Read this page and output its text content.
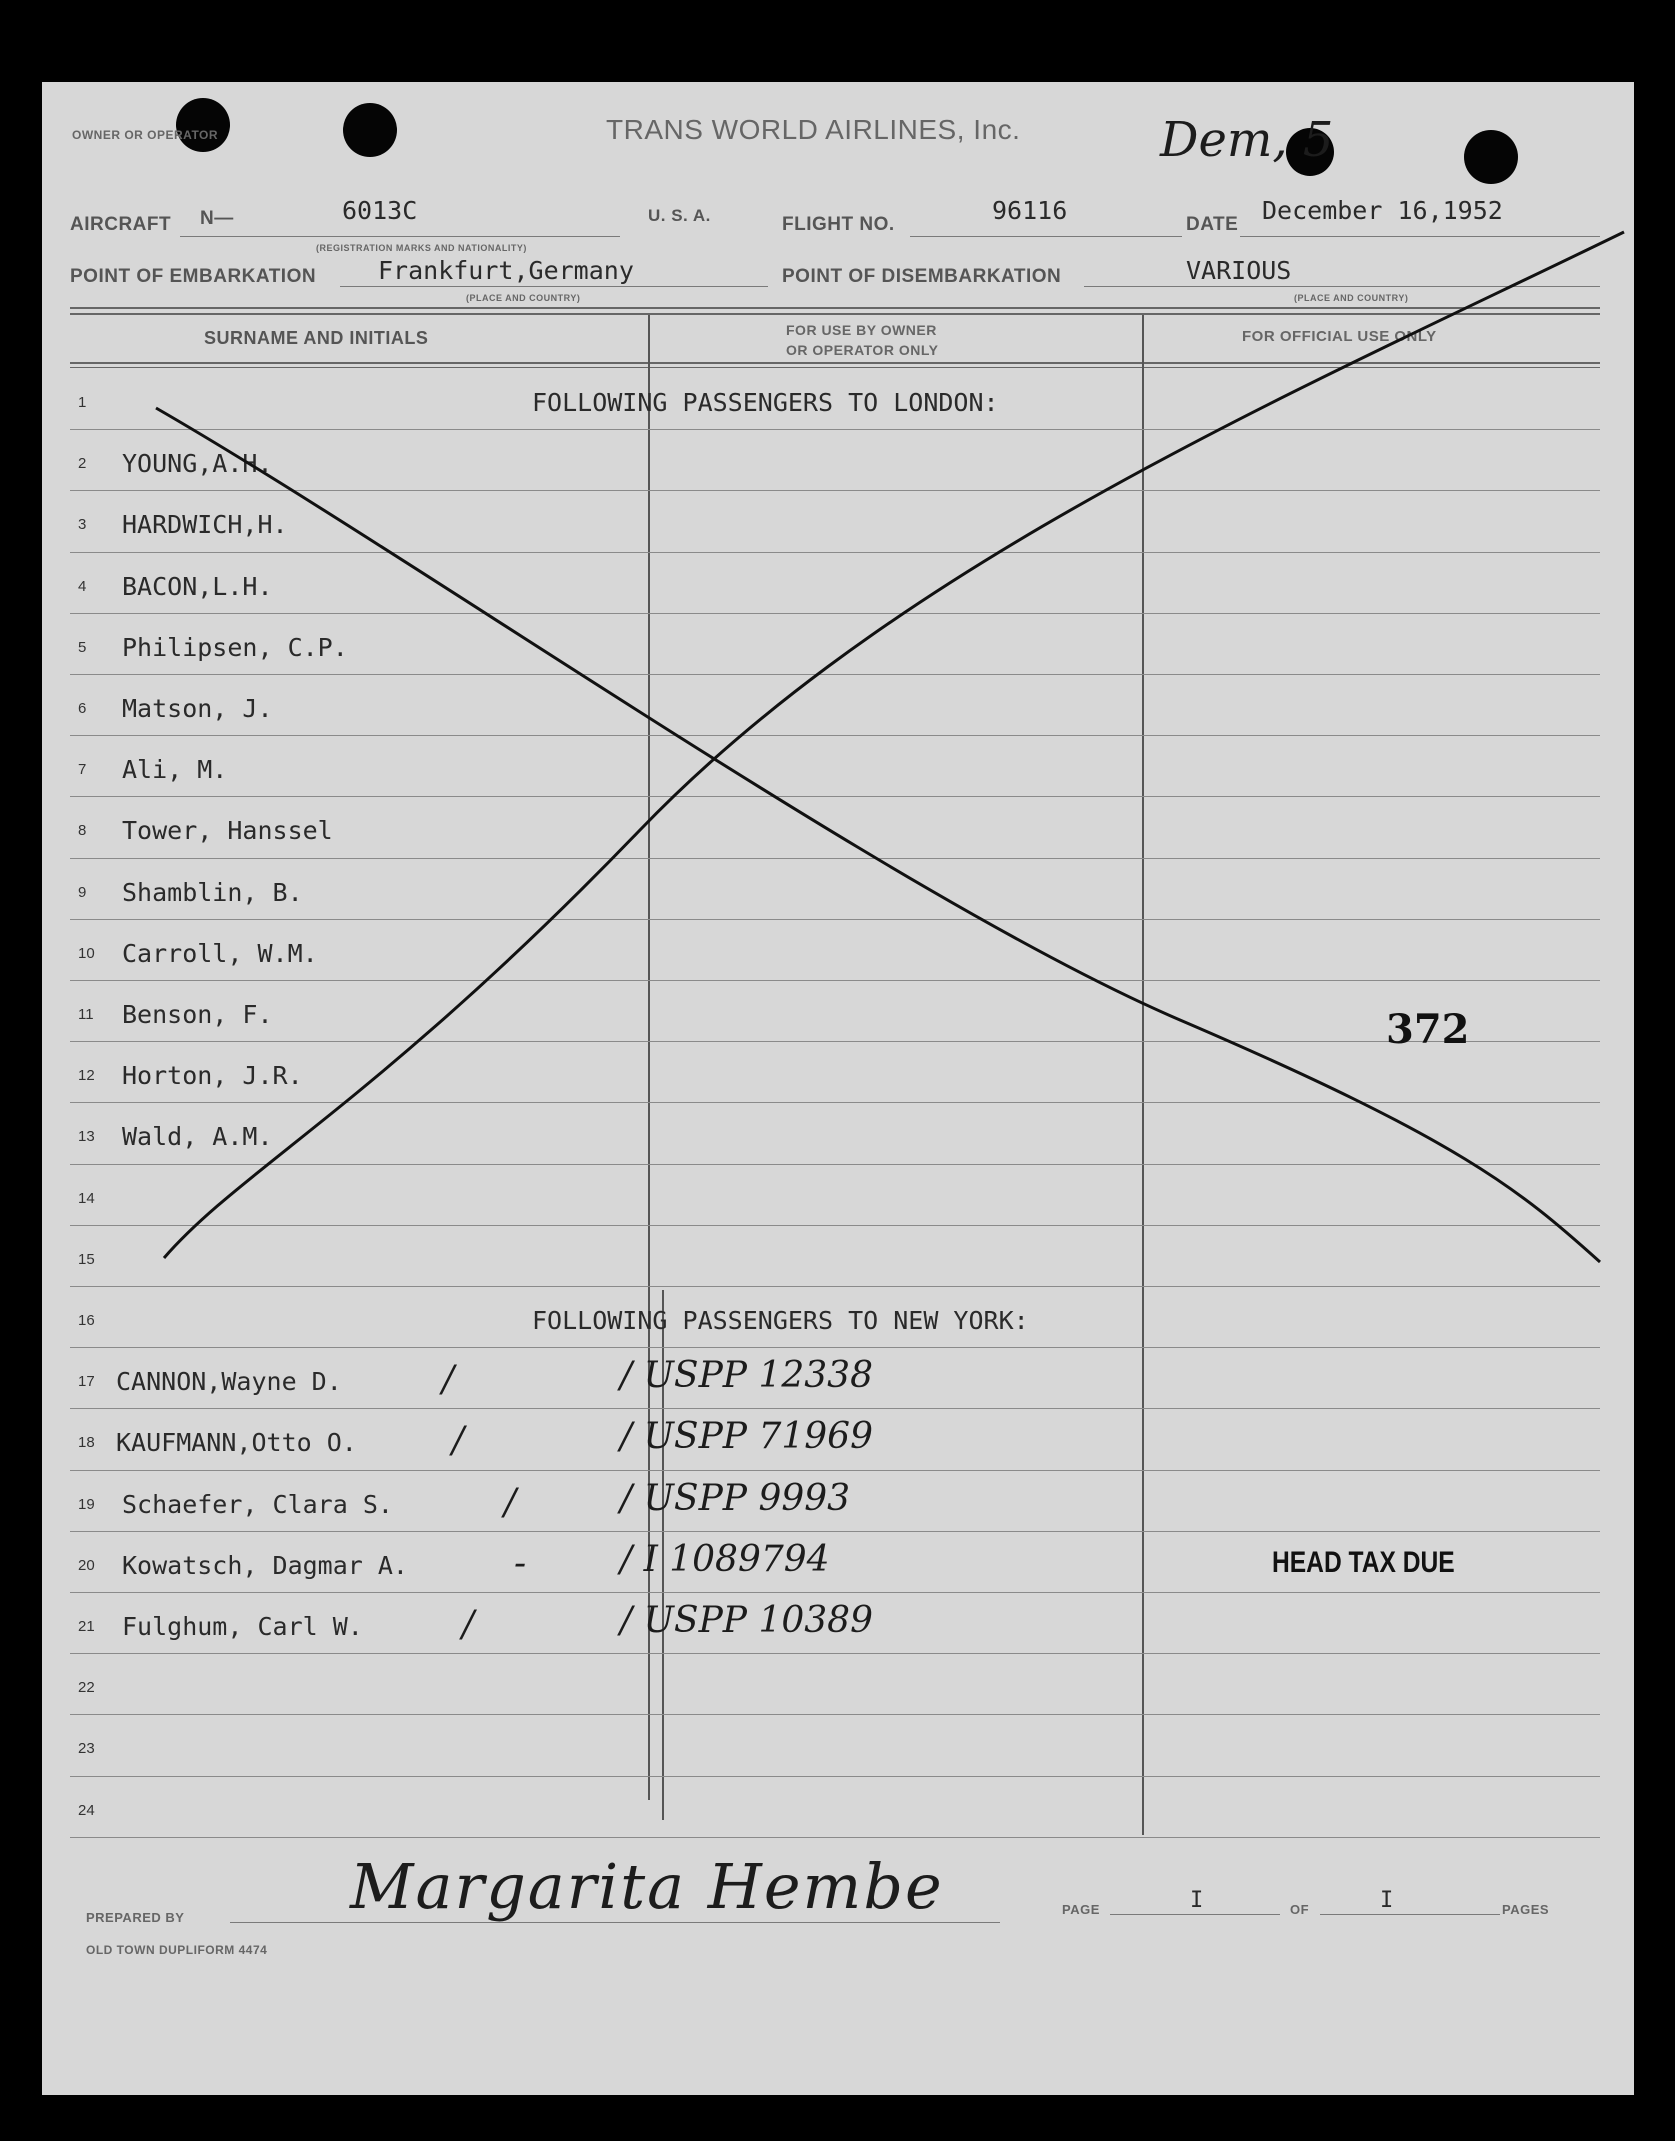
OWNER OR OPERATOR	TRANS WORLD AIRLINES, Inc.	Dem, 5
AIRCRAFT N—	6013C
(REGISTRATION MARKS AND NATIONALITY)
U. S. A.	FLIGHT NO.	96116	DATE December 16,1952
POINT OF EMBARKATION Frankfurt,Germany
(PLACE AND COUNTRY)
POINT OF DISEMBARKATION	VARIOUS
(PLACE AND COUNTRY)
SURNAME AND INITIALS	FOR USE BY OWNER
OR OPERATOR ONLY
FOR OFFICIAL USE ONLY
1	FOLLOWING PASSENGERS TO LONDON:
2 YOUNG,A.H.
3 HARDWICH,H.
4 BACON,L.H.
5 Philipsen, C.P.
6 Matson, J.
7 Ali, M.
8 Tower, Hanssel
9 Shamblin, B.
10 Carroll, W.M.
11 Benson, F.
12 Horton, J.R.
13 Wald, A.M.
14
15
16	FOLLOWING PASSENGERS TO NEW YORK:
17 CANNON,Wayne D.	/	/ USPP 12338
18 KAUFMANN,Otto O.	/	/ USPP 71969
19 Schaefer, Clara S.	/	/ USPP 9993
20 Kowatsch, Dagmar A.	-	/ I 1089794
21 Fulghum, Carl W.	/	/ USPP 10389
22
23
24
372
HEAD TAX DUE
PREPARED BY	Margarita Hembe
OLD TOWN DUPLIFORM 4474
PAGE	I	OF	I	PAGES
